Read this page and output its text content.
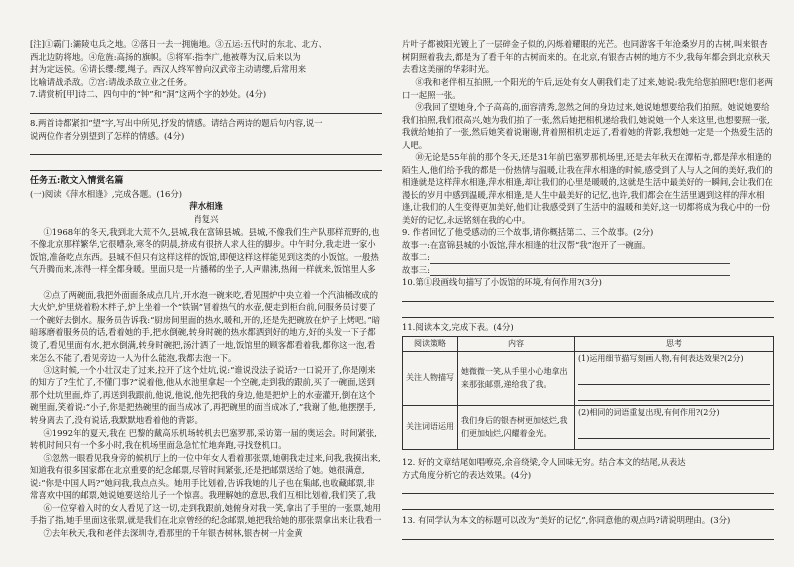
[注]①霸门:灞陵屯兵之地。②落日一去一拥施地。③五运:五代时的东北、北方、

西北边防将地。④危旌:高扬的旗帜。⑤将军:指李广,他被尊为汉,后来以为

封为定远侯。⑥请长缨:缨,绳子。西汉人终军曾向汉武帝主动请缨,后常用来

比喻请战杀敌。⑦宫:请战杀敌立业之任务。

7.请赏析[甲]诗二、四句中的“钟”和“洞”这两个字的妙处。(4分)

8.两首诗都紧扣“望”字,写出中所见,抒发的情感。请结合两诗的题后句内容,说一

说两位作者分别望到了怎样的情感。(4分)

任务五:散文入情赏名篇

(一)阅读《萍水相逢》,完成各题。(16分)

萍水相逢

肖复兴

①1968年的冬天,我到北大荒不久,县城,我在富锦县城。县城,不像我们生产队那样荒野的,也不像北京那样繁华,它很嘈杂,寒冬的阴晨,挤成有很挤人求人往的脚步。中午时分,我走进一家小饭馆,准备吃点东西。县城不但只有这样这样的饭馆,即便这样这样能见到这类的小饭馆。一般热气升腾而来,冻得一样全都身暖。里面只是一片播稀的坐子,人声鼎沸,热闹一样就来,饭馆里人多

②点了两碗面,我把外面面条成点几片,开水泡一碗来吃,看见围炉中央立着一个汽油桶改成的大火炉,炉里烧着粉木柈子,炉上坐着一个“铁锅”冒着热气的水壶,便走到柜台前,问服务员讨要了一个碗好去倒水。服务员告诉我:“厨房间里面的热水,暖和,开的,还是先把碗放在炉子上烤吧。”暗暗琢磨着服务员的话,看着她的手,把水倒碗,转身时碗的热水都洒到好的地方,好的头发一下子都烫了,看见里面有水,把水倒满,转身时碗把,汤汁洒了一地,饭馆里的顾客都看着我,都你这一泡,看来怎么不能了,看见旁边一人为什么能泡,我都去泡一下。

③这时候,一个小壮汉走了过来,拉开了这个灶坑,说:“谁说没法子说话?一口说开了,你是刚来的知方了?生忙了,不懂门事?”说着他,他从水池里拿起一个空碗,走到我的跟前,买了一碗面,送到那个灶坑里面,炸了,再送到我跟前,他说,他说,他先把我的身边,他是把炉上的水壶灌开,倒在这个碗里面,笑着说:“小子,你是把热碗里的面当成冰了,再把碗里的面当成冰了,”我谢了他,他摆摆手,转身离去了,没有说话,我默默地看着他的背影。

④1992年的夏天,我在 巴黎的戴高乐机场转机去巴塞罗那,采访第一届的奥运会。时间紧张,转机时间只有一个多小时,我在机场里面急急忙忙地奔跑,寻找登机口。

⑤忽然一眼看见我身旁的候机厅上的一位中年女人看着那张票,她朝我走过来,问我,我摸出来,知道我有很多国家都在北京重要的纪念邮票,尽管时间紧张,还是把邮票送给了她。她很满意,说:“你是中国人吗?”她问我,我点点头。她用手比划着,告诉我她的儿子也在集邮,也收藏邮票,非常喜欢中国的邮票,她说她要送给儿子一个惊喜。我理解她的意思,我们互相比划着,我们笑了,我

⑥一位穿着入时的女人看见了这一切,走到我跟前,她俯身对我一笑,拿出了手里的一张票,她用手指了指,她手里面这张票,就是我们在北京曾经的纪念邮票,她把我给她的那张票拿出来让我看一

⑦去年秋天,我和老伴去深圳寺,看那里的千年银杏树林,银杏树一片金黄

片叶子都被阳光镀上了一层碎金子似的,闪烁着耀眼的光芒。也同游客千年沧桑岁月的古树,叫来银杏树阴照着我去,都是为了看千年的古树而来的。在北京,有银杏古树的地方不少,我每年都会到北京秋天去看这美丽的华彩时光。

⑧我和老伴相互拍照,一个阳光的午后,远处有女人朝我们走了过来,她说:我先给您拍照吧!您们老两口一起照一张。

⑨我回了望她身,个子高高的,面容清秀,忽然之间的身边过来,她说她想要给我们拍照。她说她要给我们拍照,我们很高兴,她为我们拍了一张,然后她把相机递给我们,她说她一个人来这里,也想要照一张,我就给她拍了一张,然后她笑着说谢谢,背着照相机走远了,看着她的背影,我想她一定是一个热爱生活的人吧。

⑩无论是55年前的那个冬天,还是31年前巴塞罗那机场里,还是去年秋天在潭柘寺,都是萍水相逢的陌生人,他们给予我的都是一份热情与温暖,让我在萍水相逢的时候,感受到了人与人之间的美好,我们的相逢就是这样萍水相逢,萍水相逢,却让我们的心里是暖暖的,这就是生活中最美好的一瞬间,会让我们在漫长的岁月中感到温暖,萍水相逢,是人生中最美好的记忆,也许,我们都会在生活里遇到这样的萍水相逢,让我们的人生变得更加美好,他们让我感受到了生活中的温暖和美好,这一切都将成为我心中的一份美好的记忆,永远铭刻在我的心中。

9. 作者回忆了他受感动的三个故事,请你概括第二、三个故事。(2分)

故事一:在富锦县城的小饭馆,萍水相逢的壮汉帮“我”泡开了一碗面。

故事二:

故事三:

10.第①段画线句描写了小饭馆的环境,有何作用?(3分)

11.阅读本文,完成下表。(4分)

阅读策略	内容	思考
关注人物描写	她微微一笑,从手里小心地拿出来那张邮票,递给我了我。	(1)运用细节描写刻画人物,有何表达效果?(2分)

关注词语运用	我们身后的银杏树更加炫烂,我们更加灿烂,闪耀着金光。	(2)相同的词语重复出现,有何作用?(2分)

12. 好的文章结尾如唱嘹亮,余音绕梁,令人回味无穷。结合本文的结尾,从表达

方式角度分析它的表达效果。(4分)

13. 有同学认为本文的标题可以改为“美好的记忆”,你同意他的观点吗?请说明理由。(3分)
